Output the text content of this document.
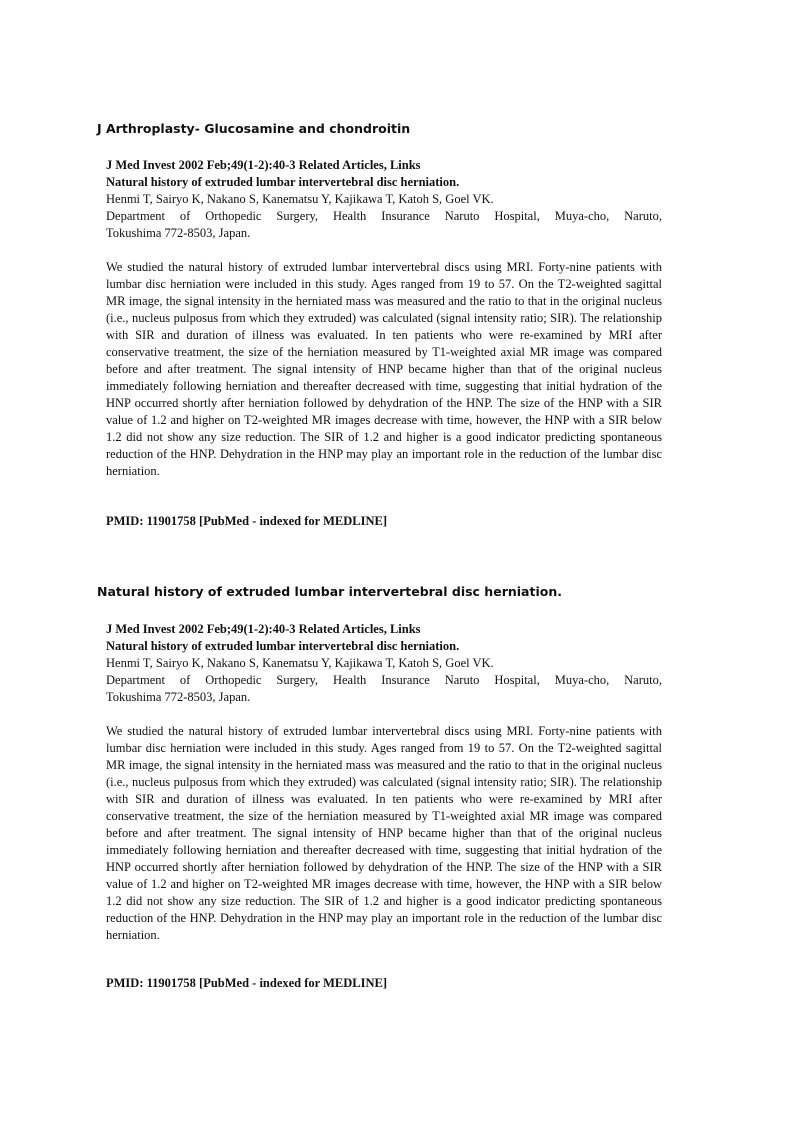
J Arthroplasty- Glucosamine and chondroitin
J Med Invest 2002 Feb;49(1-2):40-3 Related Articles, Links
Natural history of extruded lumbar intervertebral disc herniation.
Henmi T, Sairyo K, Nakano S, Kanematsu Y, Kajikawa T, Katoh S, Goel VK.
Department of Orthopedic Surgery, Health Insurance Naruto Hospital, Muya-cho, Naruto,
Tokushima 772-8503, Japan.

We studied the natural history of extruded lumbar intervertebral discs using MRI. Forty-nine patients with lumbar disc herniation were included in this study. Ages ranged from 19 to 57. On the T2-weighted sagittal MR image, the signal intensity in the herniated mass was measured and the ratio to that in the original nucleus (i.e., nucleus pulposus from which they extruded) was calculated (signal intensity ratio; SIR). The relationship with SIR and duration of illness was evaluated. In ten patients who were re-examined by MRI after conservative treatment, the size of the herniation measured by T1-weighted axial MR image was compared before and after treatment. The signal intensity of HNP became higher than that of the original nucleus immediately following herniation and thereafter decreased with time, suggesting that initial hydration of the HNP occurred shortly after herniation followed by dehydration of the HNP. The size of the HNP with a SIR value of 1.2 and higher on T2-weighted MR images decrease with time, however, the HNP with a SIR below 1.2 did not show any size reduction. The SIR of 1.2 and higher is a good indicator predicting spontaneous reduction of the HNP. Dehydration in the HNP may play an important role in the reduction of the lumbar disc herniation.

PMID: 11901758 [PubMed - indexed for MEDLINE]

Natural history of extruded lumbar intervertebral disc herniation.
J Med Invest 2002 Feb;49(1-2):40-3 Related Articles, Links
Natural history of extruded lumbar intervertebral disc herniation.
Henmi T, Sairyo K, Nakano S, Kanematsu Y, Kajikawa T, Katoh S, Goel VK.
Department of Orthopedic Surgery, Health Insurance Naruto Hospital, Muya-cho, Naruto,
Tokushima 772-8503, Japan.

We studied the natural history of extruded lumbar intervertebral discs using MRI. Forty-nine patients with lumbar disc herniation were included in this study. Ages ranged from 19 to 57. On the T2-weighted sagittal MR image, the signal intensity in the herniated mass was measured and the ratio to that in the original nucleus (i.e., nucleus pulposus from which they extruded) was calculated (signal intensity ratio; SIR). The relationship with SIR and duration of illness was evaluated. In ten patients who were re-examined by MRI after conservative treatment, the size of the herniation measured by T1-weighted axial MR image was compared before and after treatment. The signal intensity of HNP became higher than that of the original nucleus immediately following herniation and thereafter decreased with time, suggesting that initial hydration of the HNP occurred shortly after herniation followed by dehydration of the HNP. The size of the HNP with a SIR value of 1.2 and higher on T2-weighted MR images decrease with time, however, the HNP with a SIR below 1.2 did not show any size reduction. The SIR of 1.2 and higher is a good indicator predicting spontaneous reduction of the HNP. Dehydration in the HNP may play an important role in the reduction of the lumbar disc herniation.

PMID: 11901758 [PubMed - indexed for MEDLINE]
